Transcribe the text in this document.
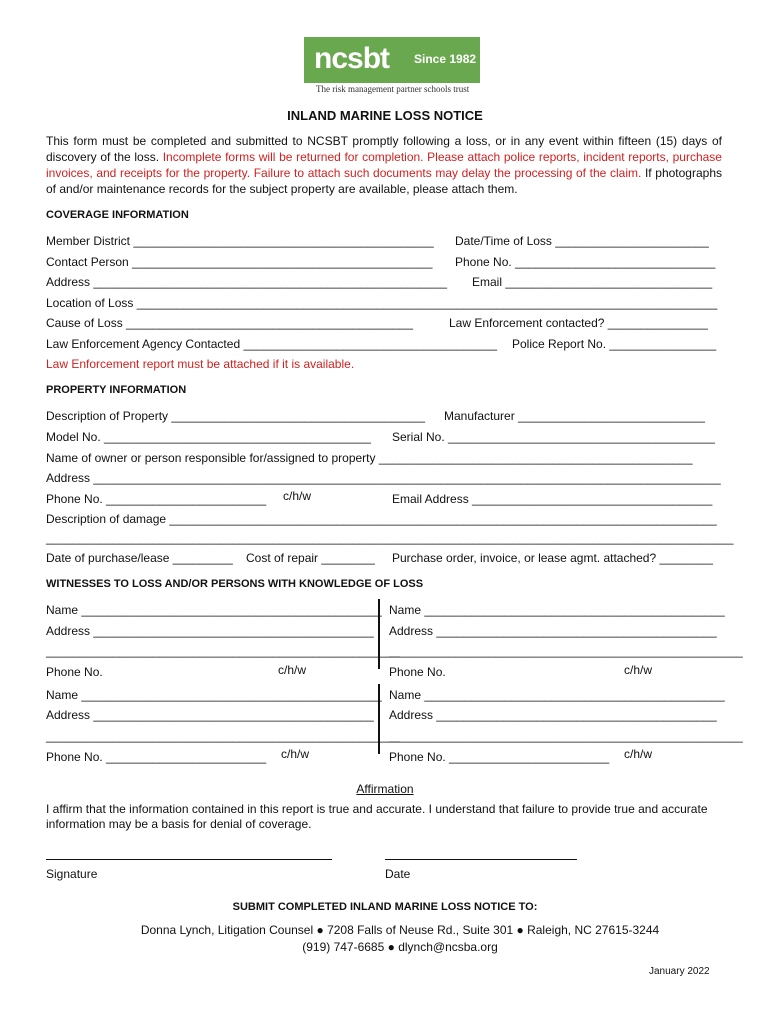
ncsbt Since 1982
The risk management partner schools trust
INLAND MARINE LOSS NOTICE
This form must be completed and submitted to NCSBT promptly following a loss, or in any event within fifteen (15) days of discovery of the loss. Incomplete forms will be returned for completion. Please attach police reports, incident reports, purchase invoices, and receipts for the property. Failure to attach such documents may delay the processing of the claim. If photographs of and/or maintenance records for the subject property are available, please attach them.
COVERAGE INFORMATION
Member District _____________________________________________ Date/Time of Loss _______________________
Contact Person _____________________________________________ Phone No. ______________________________
Address _____________________________________________________ Email _______________________________
Location of Loss _______________________________________________________________________________________
Cause of Loss ___________________________________________	Law Enforcement contacted? _______________
Law Enforcement Agency Contacted ______________________________________ Police Report No. ________________
Law Enforcement report must be attached if it is available.
PROPERTY INFORMATION
Description of Property ______________________________________ Manufacturer ____________________________
Model No. ________________________________________ Serial No. ________________________________________
Name of owner or person responsible for/assigned to property _______________________________________________
Address ______________________________________________________________________________________________
Phone No. ________________________ c/h/w	Email Address ____________________________________
Description of damage __________________________________________________________________________________
_______________________________________________________________________________________________________
Date of purchase/lease _________ Cost of repair ________ Purchase order, invoice, or lease agmt. attached? ________
WITNESSES TO LOSS AND/OR PERSONS WITH KNOWLEDGE OF LOSS
Name _____________________________________________
Address __________________________________________
_____________________________________________________
Phone No.	c/h/w
Name _____________________________________________
Address __________________________________________
_____________________________________________________
Phone No.	c/h/w
Name _____________________________________________
Address __________________________________________
_____________________________________________________
Phone No. ________________________ c/h/w
Name _____________________________________________
Address __________________________________________
_____________________________________________________
Phone No. ________________________ c/h/w
Affirmation
I affirm that the information contained in this report is true and accurate. I understand that failure to provide true and accurate information may be a basis for denial of coverage.
Signature	Date
SUBMIT COMPLETED INLAND MARINE LOSS NOTICE TO:
Donna Lynch, Litigation Counsel ● 7208 Falls of Neuse Rd., Suite 301 ● Raleigh, NC 27615-3244
(919) 747-6685 ● dlynch@ncsba.org
January 2022
